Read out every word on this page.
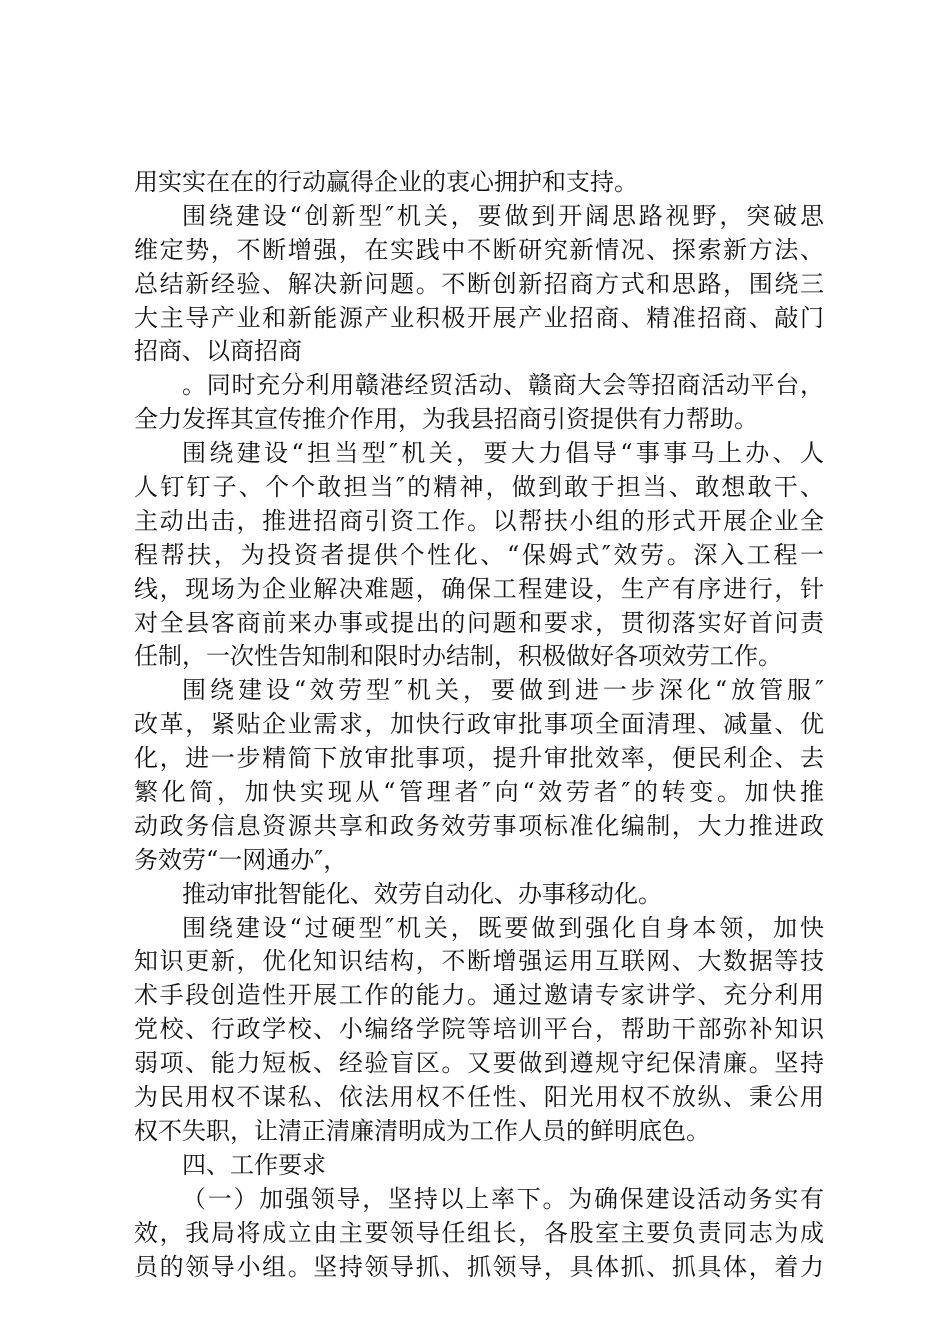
用实实在在的行动赢得企业的衷心拥护和支持。
围绕建设“创新型″机关，要做到开阔思路视野，突破思
维定势，不断增强，在实践中不断研究新情况、探索新方法、
总结新经验、解决新问题。不断创新招商方式和思路，围绕三
大主导产业和新能源产业积极开展产业招商、精准招商、敲门
招商、以商招商
。同时充分利用赣港经贸活动、赣商大会等招商活动平台，
全力发挥其宣传推介作用，为我县招商引资提供有力帮助。
围绕建设“担当型″机关，要大力倡导“事事马上办、人
人钉钉子、个个敢担当″的精神，做到敢于担当、敢想敢干、
主动出击，推进招商引资工作。以帮扶小组的形式开展企业全
程帮扶，为投资者提供个性化、“保姆式″效劳。深入工程一
线，现场为企业解决难题，确保工程建设，生产有序进行，针
对全县客商前来办事或提出的问题和要求，贯彻落实好首问责
任制，一次性告知制和限时办结制，积极做好各项效劳工作。
围绕建设“效劳型″机关，要做到进一步深化“放管服″
改革，紧贴企业需求，加快行政审批事项全面清理、减量、优
化，进一步精简下放审批事项，提升审批效率，便民利企、去
繁化简，加快实现从“管理者″向“效劳者″的转变。加快推
动政务信息资源共享和政务效劳事项标准化编制，大力推进政
务效劳“一网通办″，
推动审批智能化、效劳自动化、办事移动化。
围绕建设“过硬型″机关，既要做到强化自身本领，加快
知识更新，优化知识结构，不断增强运用互联网、大数据等技
术手段创造性开展工作的能力。通过邀请专家讲学、充分利用
党校、行政学校、小编络学院等培训平台，帮助干部弥补知识
弱项、能力短板、经验盲区。又要做到遵规守纪保清廉。坚持
为民用权不谋私、依法用权不任性、阳光用权不放纵、秉公用
权不失职，让清正清廉清明成为工作人员的鲜明底色。
四、工作要求
（一）加强领导，坚持以上率下。为确保建设活动务实有
效，我局将成立由主要领导任组长，各股室主要负责同志为成
员的领导小组。坚持领导抓、抓领导，具体抓、抓具体，着力
